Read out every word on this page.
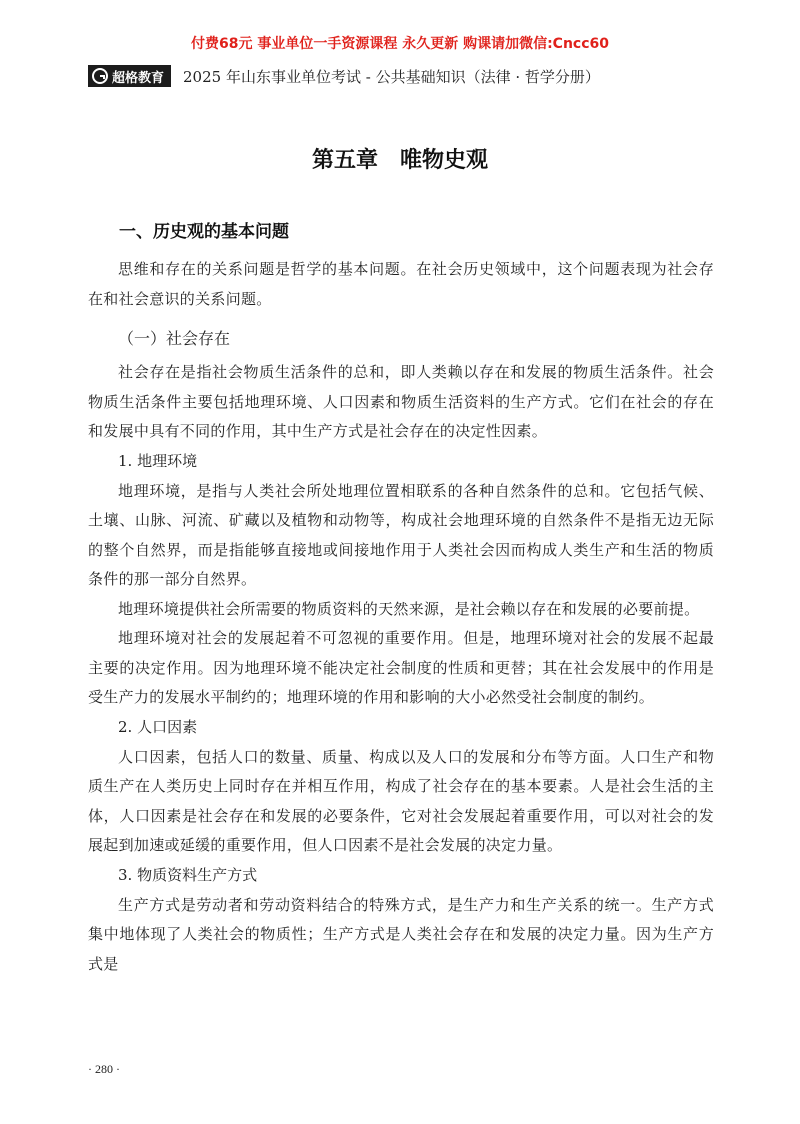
付费68元 事业单位一手资源课程 永久更新 购课请加微信:Cncc60
超格教育 2025 年山东事业单位考试 - 公共基础知识（法律 · 哲学分册）
第五章　唯物史观
一、历史观的基本问题

思维和存在的关系问题是哲学的基本问题。在社会历史领域中，这个问题表现为社会存在和社会意识的关系问题。

（一）社会存在

社会存在是指社会物质生活条件的总和，即人类赖以存在和发展的物质生活条件。社会物质生活条件主要包括地理环境、人口因素和物质生活资料的生产方式。它们在社会的存在和发展中具有不同的作用，其中生产方式是社会存在的决定性因素。

1. 地理环境

地理环境，是指与人类社会所处地理位置相联系的各种自然条件的总和。它包括气候、土壤、山脉、河流、矿藏以及植物和动物等，构成社会地理环境的自然条件不是指无边无际的整个自然界，而是指能够直接地或间接地作用于人类社会因而构成人类生产和生活的物质条件的那一部分自然界。

地理环境提供社会所需要的物质资料的天然来源，是社会赖以存在和发展的必要前提。

地理环境对社会的发展起着不可忽视的重要作用。但是，地理环境对社会的发展不起最主要的决定作用。因为地理环境不能决定社会制度的性质和更替；其在社会发展中的作用是受生产力的发展水平制约的；地理环境的作用和影响的大小必然受社会制度的制约。

2. 人口因素

人口因素，包括人口的数量、质量、构成以及人口的发展和分布等方面。人口生产和物质生产在人类历史上同时存在并相互作用，构成了社会存在的基本要素。人是社会生活的主体，人口因素是社会存在和发展的必要条件，它对社会发展起着重要作用，可以对社会的发展起到加速或延缓的重要作用，但人口因素不是社会发展的决定力量。

3. 物质资料生产方式

生产方式是劳动者和劳动资料结合的特殊方式，是生产力和生产关系的统一。生产方式集中地体现了人类社会的物质性；生产方式是人类社会存在和发展的决定力量。因为生产方式是

· 280 ·
